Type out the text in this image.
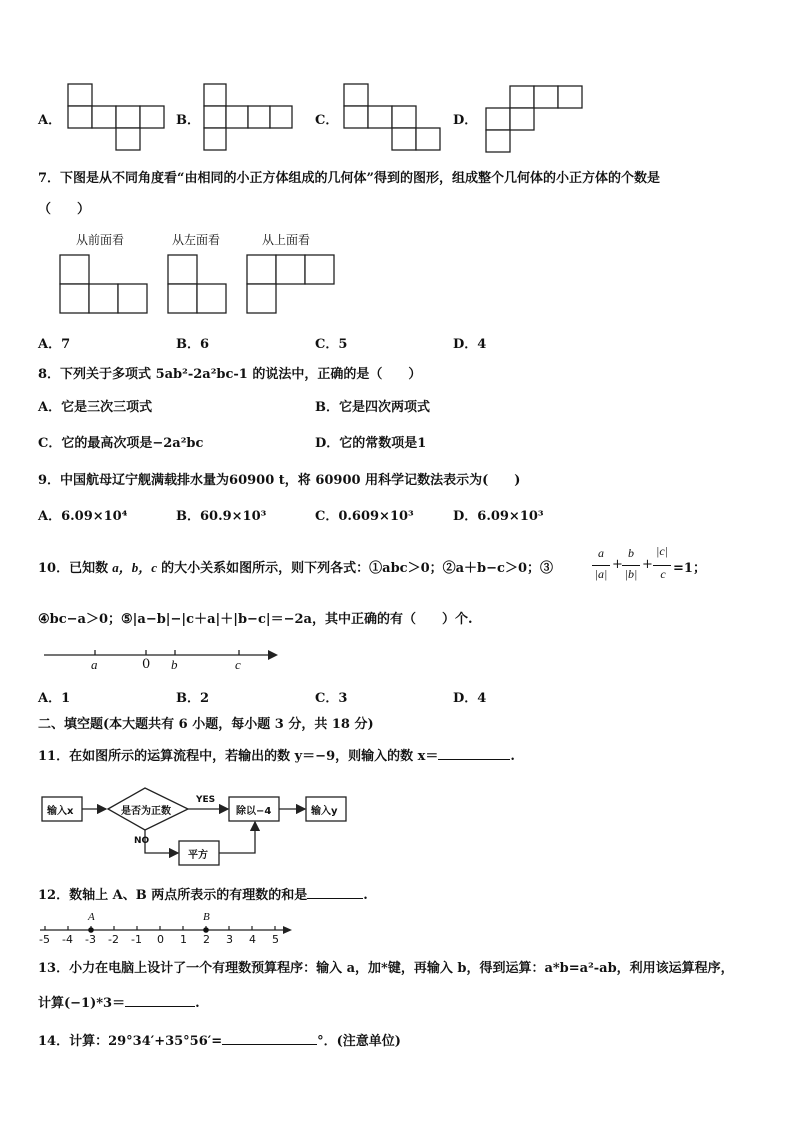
A．	B．	C．	D．
7．下图是从不同角度看“由相同的小正方体组成的几何体”得到的图形，组成整个几何体的小正方体的个数是
（　　）
从前面看	从左面看	从上面看
A．7	B．6	C．5	D．4
8．下列关于多项式 5ab²-2a²bc-1 的说法中，正确的是（　　）
A．它是三次三项式	B．它是四次两项式
C．它的最高次项是−2a²bc	D．它的常数项是1
9．中国航母辽宁舰满载排水量为60900 t，将 60900 用科学记数法表示为(　　)
A．6.09×10⁴	B．60.9×10³	C．0.609×10³	D．6.09×10³
10．已知数 a，b，c 的大小关系如图所示，则下列各式：①abc＞0；②a＋b−c＞0；③
a
|a|
+
b
|b|
+
|c|
c =1；
④bc−a＞0；⑤|a−b|−|c＋a|＋|b−c|＝−2a，其中正确的有（　　）个.
a	0 b	c
A．1	B．2	C．3	D．4
二、填空题(本大题共有 6 小题，每小题 3 分，共 18 分)
11．在如图所示的运算流程中，若输出的数 y＝−9，则输入的数 x＝	.
输入x	是否为正数
YES
除以−4	输入y
NO
平方
12．数轴上 A、B 两点所表示的有理数的和是	.
-5 -4 -3 -2 -1 0 1 2 3 4 5
A	B
13．小力在电脑上设计了一个有理数预算程序：输入 a，加*键，再输入 b，得到运算：a*b=a²-ab，利用该运算程序，
计算(−1)*3＝	.
14．计算：29°34′+35°56′=	°．(注意单位)
